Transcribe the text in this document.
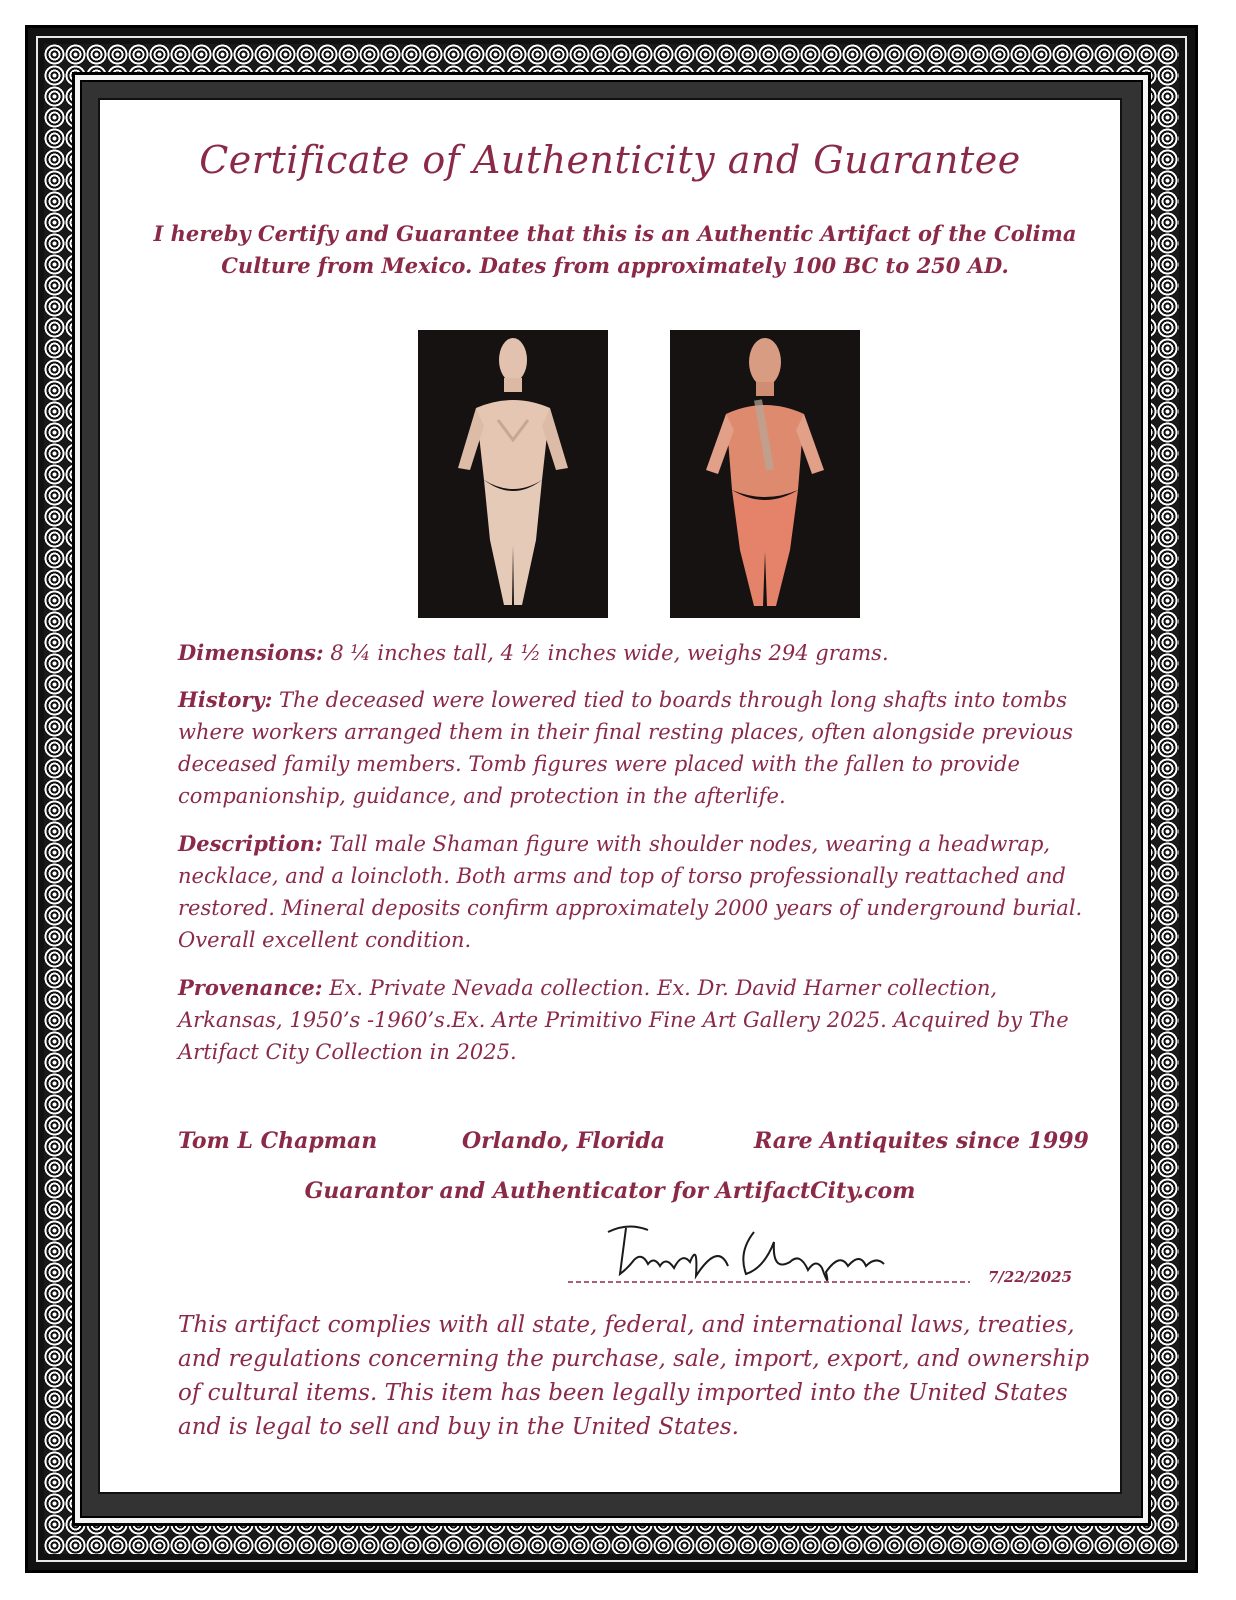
Certificate of Authenticity and Guarantee
I hereby Certify and Guarantee that this is an Authentic Artifact of the Colima Culture from Mexico. Dates from approximately 100 BC to 250 AD.
Dimensions: 8 ¼ inches tall, 4 ½ inches wide, weighs 294 grams.
History: The deceased were lowered tied to boards through long shafts into tombs where workers arranged them in their final resting places, often alongside previous deceased family members. Tomb figures were placed with the fallen to provide companionship, guidance, and protection in the afterlife.
Description: Tall male Shaman figure with shoulder nodes, wearing a headwrap, necklace, and a loincloth. Both arms and top of torso professionally reattached and restored. Mineral deposits confirm approximately 2000 years of underground burial. Overall excellent condition.
Provenance: Ex. Private Nevada collection. Ex. Dr. David Harner collection, Arkansas, 1950’s -1960’s.Ex. Arte Primitivo Fine Art Gallery 2025. Acquired by The Artifact City Collection in 2025.
Tom L Chapman	Orlando, Florida	Rare Antiquites since 1999
Guarantor and Authenticator for ArtifactCity.com
7/22/2025
This artifact complies with all state, federal, and international laws, treaties, and regulations concerning the purchase, sale, import, export, and ownership of cultural items. This item has been legally imported into the United States and is legal to sell and buy in the United States.
